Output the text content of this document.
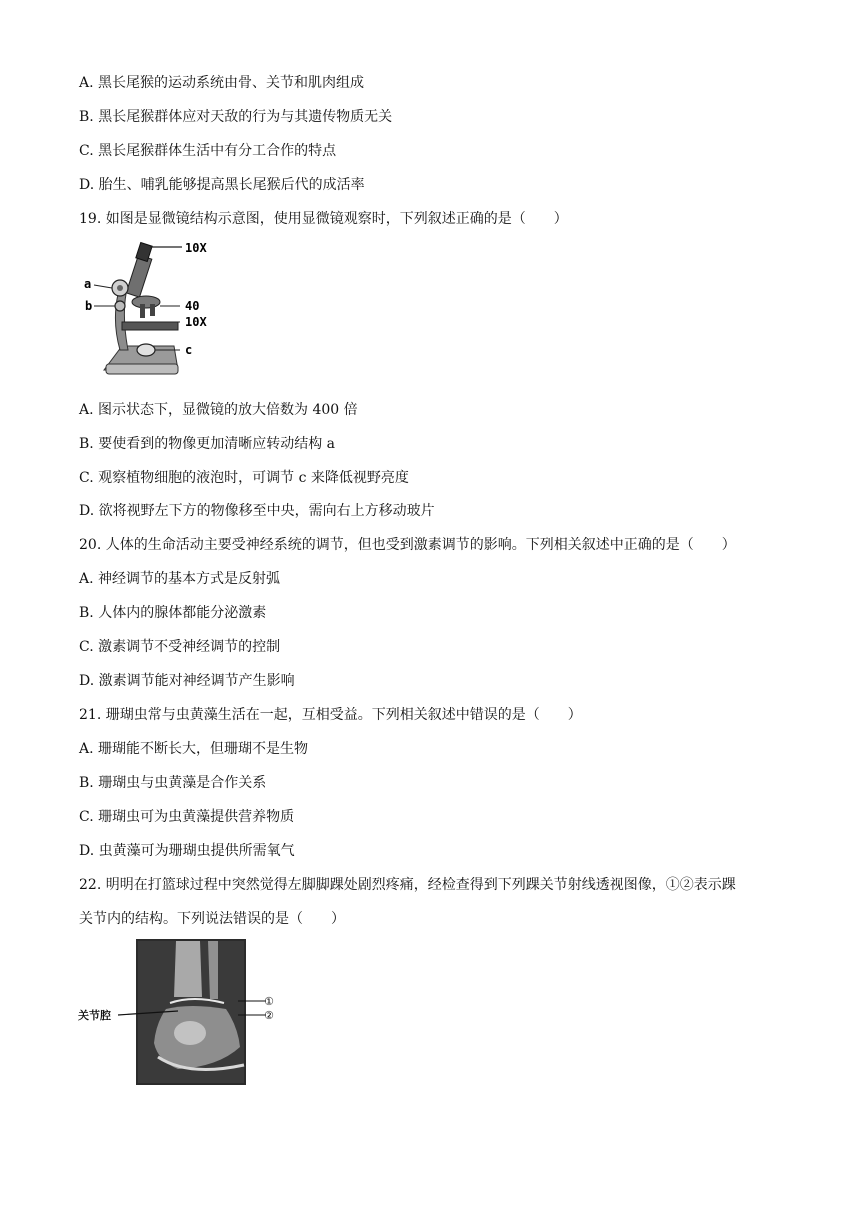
A. 黑长尾猴的运动系统由骨、关节和肌肉组成
B. 黑长尾猴群体应对天敌的行为与其遗传物质无关
C. 黑长尾猴群体生活中有分工合作的特点
D. 胎生、哺乳能够提高黑长尾猴后代的成活率
19. 如图是显微镜结构示意图，使用显微镜观察时，下列叙述正确的是（　　）
10X
a
b	40
10X
c
A. 图示状态下，显微镜的放大倍数为 400 倍
B. 要使看到的物像更加清晰应转动结构 a
C. 观察植物细胞的液泡时，可调节 c 来降低视野亮度
D. 欲将视野左下方的物像移至中央，需向右上方移动玻片
20. 人体的生命活动主要受神经系统的调节，但也受到激素调节的影响。下列相关叙述中正确的是（　　）
A. 神经调节的基本方式是反射弧
B. 人体内的腺体都能分泌激素
C. 激素调节不受神经调节的控制
D. 激素调节能对神经调节产生影响
21. 珊瑚虫常与虫黄藻生活在一起，互相受益。下列相关叙述中错误的是（　　）
A. 珊瑚能不断长大，但珊瑚不是生物
B. 珊瑚虫与虫黄藻是合作关系
C. 珊瑚虫可为虫黄藻提供营养物质
D. 虫黄藻可为珊瑚虫提供所需氧气
22. 明明在打篮球过程中突然觉得左脚脚踝处剧烈疼痛，经检查得到下列踝关节射线透视图像，①②表示踝
关节内的结构。下列说法错误的是（　　）
关节腔
①
②
